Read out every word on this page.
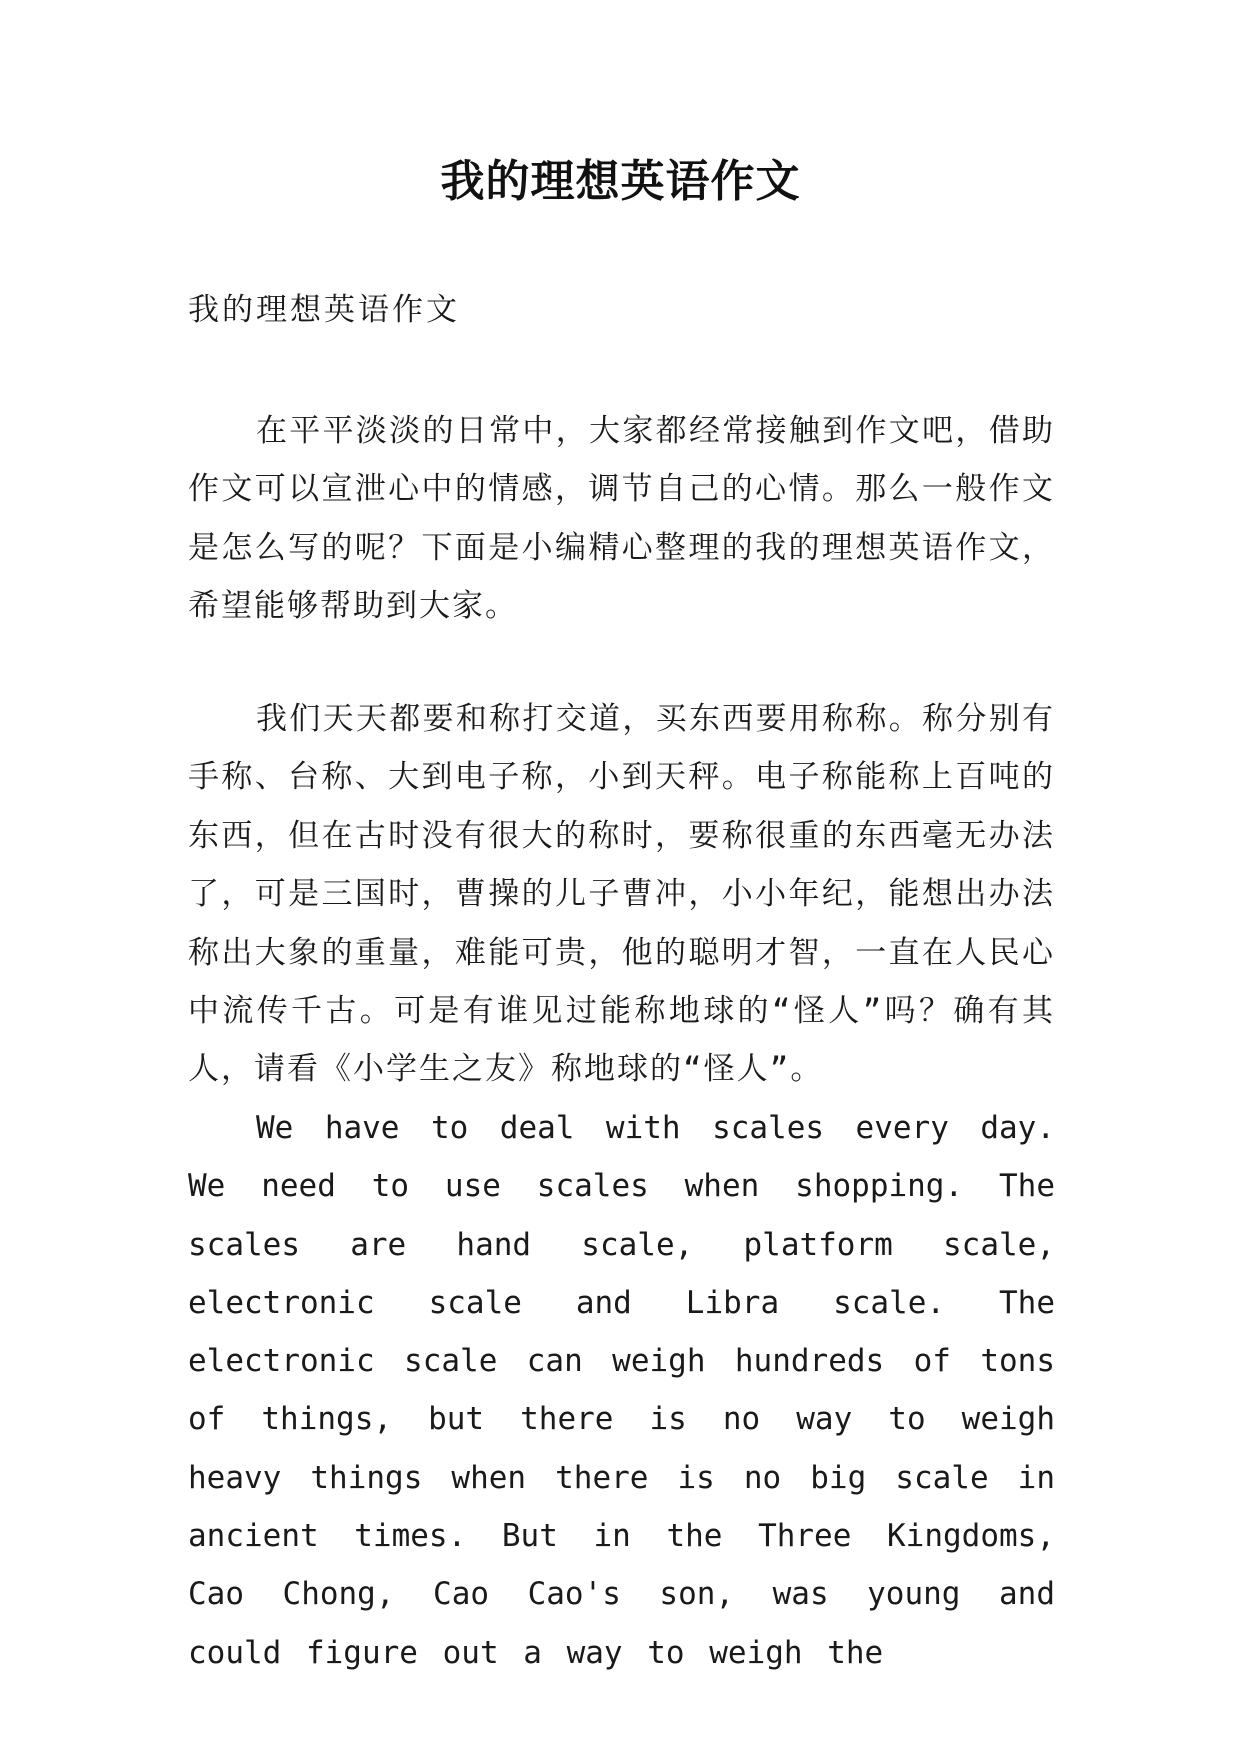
我的理想英语作文

我的理想英语作文

在平平淡淡的日常中，大家都经常接触到作文吧，借助作文可以宣泄心中的情感，调节自己的心情。那么一般作文是怎么写的呢？下面是小编精心整理的我的理想英语作文，希望能够帮助到大家。

我们天天都要和称打交道，买东西要用称称。称分别有手称、台称、大到电子称，小到天秤。电子称能称上百吨的东西，但在古时没有很大的称时，要称很重的东西毫无办法了，可是三国时，曹操的儿子曹冲，小小年纪，能想出办法称出大象的重量，难能可贵，他的聪明才智，一直在人民心中流传千古。可是有谁见过能称地球的“怪人”吗？确有其人，请看《小学生之友》称地球的“怪人”。

We have to deal with scales every day. We need to use scales when shopping. The scales are hand scale, platform scale, electronic scale and Libra scale. The electronic scale can weigh hundreds of tons of things, but there is no way to weigh heavy things when there is no big scale in ancient times. But in the Three Kingdoms, Cao Chong, Cao Cao's son, was young and could figure out a way to weigh the
